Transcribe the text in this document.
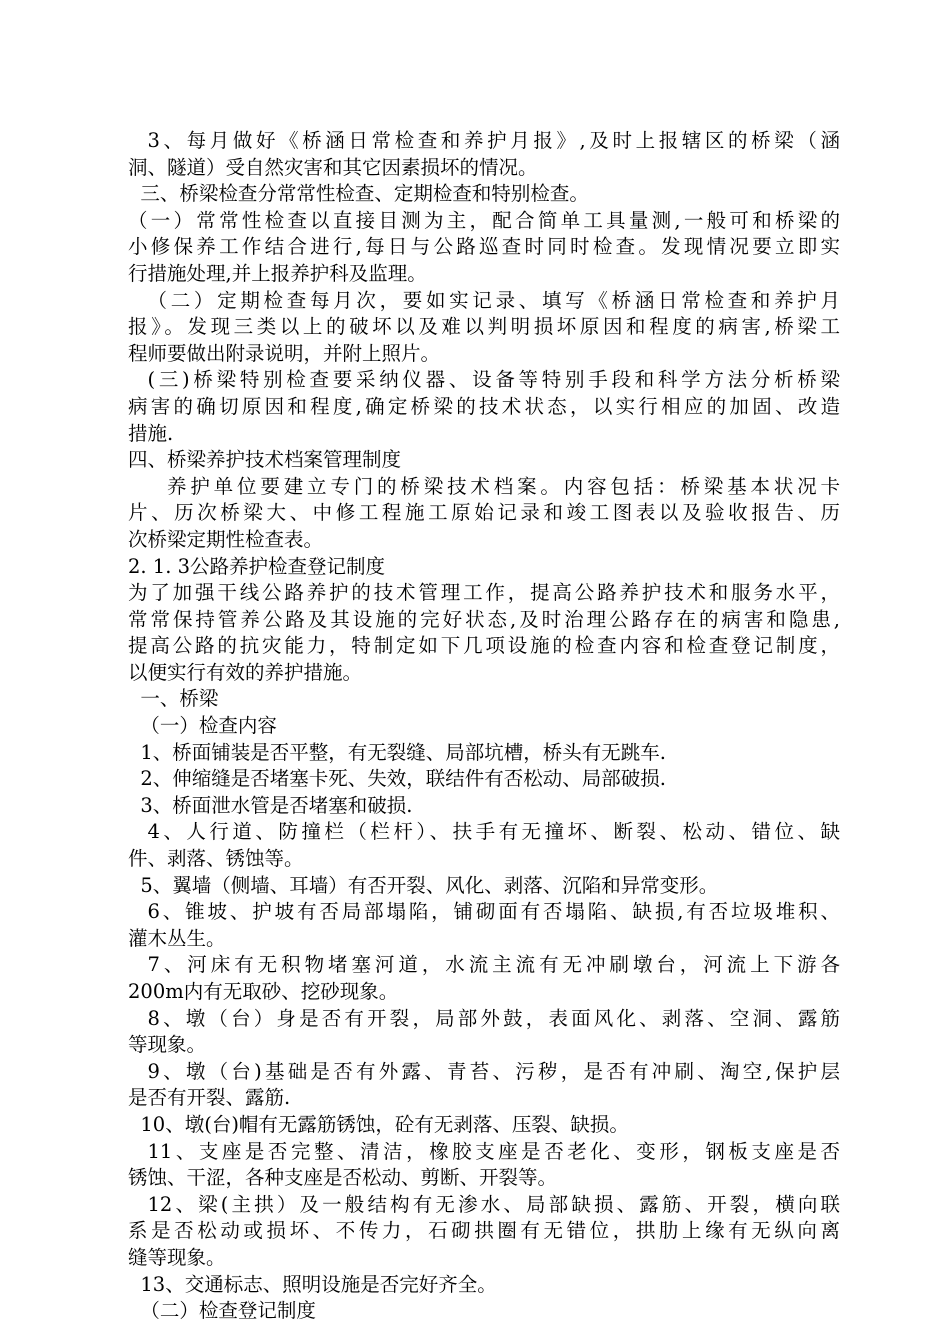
3、每月做好《桥涵日常检查和养护月报》,及时上报辖区的桥梁（涵
洞、隧道）受自然灾害和其它因素损坏的情况。
三、桥梁检查分常常性检查、定期检查和特别检查。
（一）常常性检查以直接目测为主，配合简单工具量测,一般可和桥梁的
小修保养工作结合进行,每日与公路巡查时同时检查。发现情况要立即实
行措施处理,并上报养护科及监理。
（二）定期检查每月次，要如实记录、填写《桥涵日常检查和养护月
报》。发现三类以上的破坏以及难以判明损坏原因和程度的病害,桥梁工
程师要做出附录说明，并附上照片。
(三)桥梁特别检查要采纳仪器、设备等特别手段和科学方法分析桥梁
病害的确切原因和程度,确定桥梁的技术状态，以实行相应的加固、改造
措施.
四、桥梁养护技术档案管理制度
养护单位要建立专门的桥梁技术档案。内容包括：桥梁基本状况卡
片、历次桥梁大、中修工程施工原始记录和竣工图表以及验收报告、历
次桥梁定期性检查表。
2. 1. 3公路养护检查登记制度
为了加强干线公路养护的技术管理工作，提高公路养护技术和服务水平，
常常保持管养公路及其设施的完好状态,及时治理公路存在的病害和隐患,
提高公路的抗灾能力，特制定如下几项设施的检查内容和检查登记制度，
以便实行有效的养护措施。
一、桥梁
（一）检查内容
1、桥面铺装是否平整，有无裂缝、局部坑槽，桥头有无跳车.
2、伸缩缝是否堵塞卡死、失效，联结件有否松动、局部破损.
3、桥面泄水管是否堵塞和破损.
4、人行道、防撞栏（栏杆）、扶手有无撞坏、断裂、松动、错位、缺
件、剥落、锈蚀等。
5、翼墙（侧墙、耳墙）有否开裂、风化、剥落、沉陷和异常变形。
6、锥坡、护坡有否局部塌陷，铺砌面有否塌陷、缺损,有否垃圾堆积、
灌木丛生。
7、河床有无积物堵塞河道，水流主流有无冲刷墩台，河流上下游各
200m内有无取砂、挖砂现象。
8、墩（台）身是否有开裂，局部外鼓，表面风化、剥落、空洞、露筋
等现象。
9、墩（台)基础是否有外露、青苔、污秽，是否有冲刷、淘空,保护层
是否有开裂、露筋.
10、墩(台)帽有无露筋锈蚀，砼有无剥落、压裂、缺损。
11、支座是否完整、清洁，橡胶支座是否老化、变形，钢板支座是否
锈蚀、干涩，各种支座是否松动、剪断、开裂等。
12、梁(主拱）及一般结构有无渗水、局部缺损、露筋、开裂，横向联
系是否松动或损坏、不传力，石砌拱圈有无错位，拱肋上缘有无纵向离
缝等现象。
13、交通标志、照明设施是否完好齐全。
（二）检查登记制度
